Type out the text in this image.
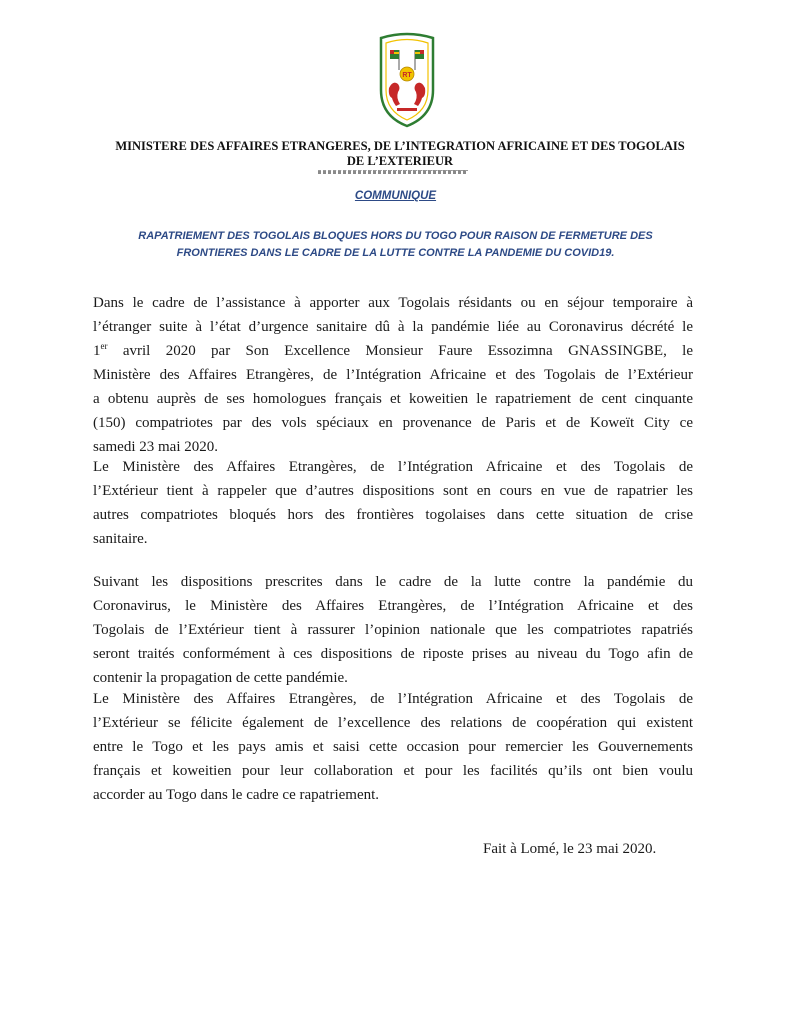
RT
MINISTERE DES AFFAIRES ETRANGERES, DE L’INTEGRATION AFRICAINE ET DES TOGOLAIS
DE L’EXTERIEUR
COMMUNIQUE
RAPATRIEMENT DES TOGOLAIS BLOQUES HORS DU TOGO POUR RAISON DE FERMETURE DES
FRONTIERES DANS LE CADRE DE LA LUTTE CONTRE LA PANDEMIE DU COVID19.
Dans le cadre de l’assistance à apporter aux Togolais résidants ou en séjour temporaire à
l’étranger suite à l’état d’urgence sanitaire dû à la pandémie liée au Coronavirus décrété le
1er avril 2020 par Son Excellence Monsieur Faure Essozimna GNASSINGBE, le
Ministère des Affaires Etrangères, de l’Intégration Africaine et des Togolais de l’Extérieur
a obtenu auprès de ses homologues français et koweitien le rapatriement de cent cinquante
(150) compatriotes par des vols spéciaux en provenance de Paris et de Koweït City ce
samedi 23 mai 2020.
Le Ministère des Affaires Etrangères, de l’Intégration Africaine et des Togolais de
l’Extérieur tient à rappeler que d’autres dispositions sont en cours en vue de rapatrier les
autres compatriotes bloqués hors des frontières togolaises dans cette situation de crise
sanitaire.
Suivant les dispositions prescrites dans le cadre de la lutte contre la pandémie du
Coronavirus, le Ministère des Affaires Etrangères, de l’Intégration Africaine et des
Togolais de l’Extérieur tient à rassurer l’opinion nationale que les compatriotes rapatriés
seront traités conformément à ces dispositions de riposte prises au niveau du Togo afin de
contenir la propagation de cette pandémie.
Le Ministère des Affaires Etrangères, de l’Intégration Africaine et des Togolais de
l’Extérieur se félicite également de l’excellence des relations de coopération qui existent
entre le Togo et les pays amis et saisi cette occasion pour remercier les Gouvernements
français et koweitien pour leur collaboration et pour les facilités qu’ils ont bien voulu
accorder au Togo dans le cadre ce rapatriement.
Fait à Lomé, le 23 mai 2020.
